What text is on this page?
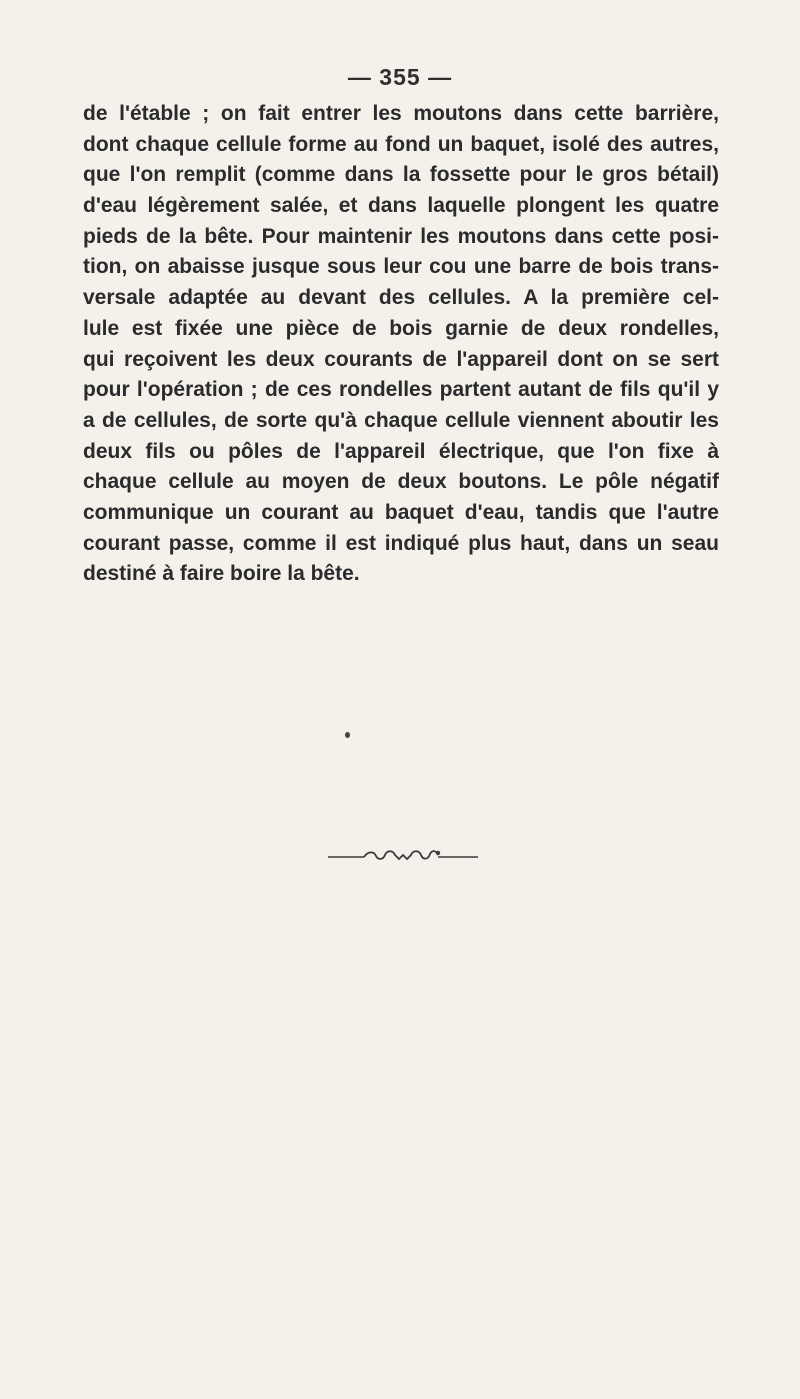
— 355 —
de l'étable ; on fait entrer les moutons dans cette barrière,
dont chaque cellule forme au fond un baquet, isolé des autres,
que l'on remplit (comme dans la fossette pour le gros bétail)
d'eau légèrement salée, et dans laquelle plongent les quatre
pieds de la bête. Pour maintenir les moutons dans cette posi-
tion, on abaisse jusque sous leur cou une barre de bois trans-
versale adaptée au devant des cellules. A la première cel-
lule est fixée une pièce de bois garnie de deux rondelles,
qui reçoivent les deux courants de l'appareil dont on se sert
pour l'opération ; de ces rondelles partent autant de fils qu'il y
a de cellules, de sorte qu'à chaque cellule viennent aboutir les
deux fils ou pôles de l'appareil électrique, que l'on fixe à
chaque cellule au moyen de deux boutons. Le pôle négatif
communique un courant au baquet d'eau, tandis que l'autre
courant passe, comme il est indiqué plus haut, dans un seau
destiné à faire boire la bête.
